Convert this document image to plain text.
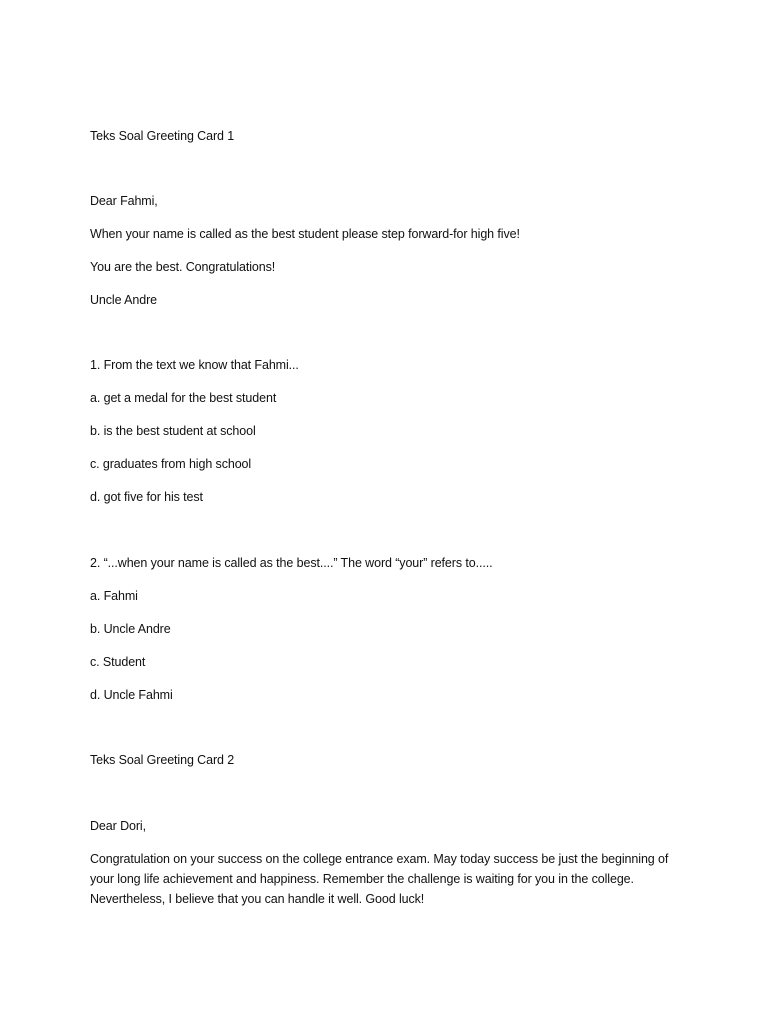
Teks Soal Greeting Card 1
Dear Fahmi,
When your name is called as the best student please step forward-for high five!
You are the best. Congratulations!
Uncle Andre
1. From the text we know that Fahmi...
a. get a medal for the best student
b. is the best student at school
c. graduates from high school
d. got five for his test
2. “...when your name is called as the best....” The word “your” refers to.....
a. Fahmi
b. Uncle Andre
c. Student
d. Uncle Fahmi
Teks Soal Greeting Card 2
Dear Dori,
Congratulation on your success on the college entrance exam. May today success be just the beginning of your long life achievement and happiness. Remember the challenge is waiting for you in the college. Nevertheless, I believe that you can handle it well. Good luck!
